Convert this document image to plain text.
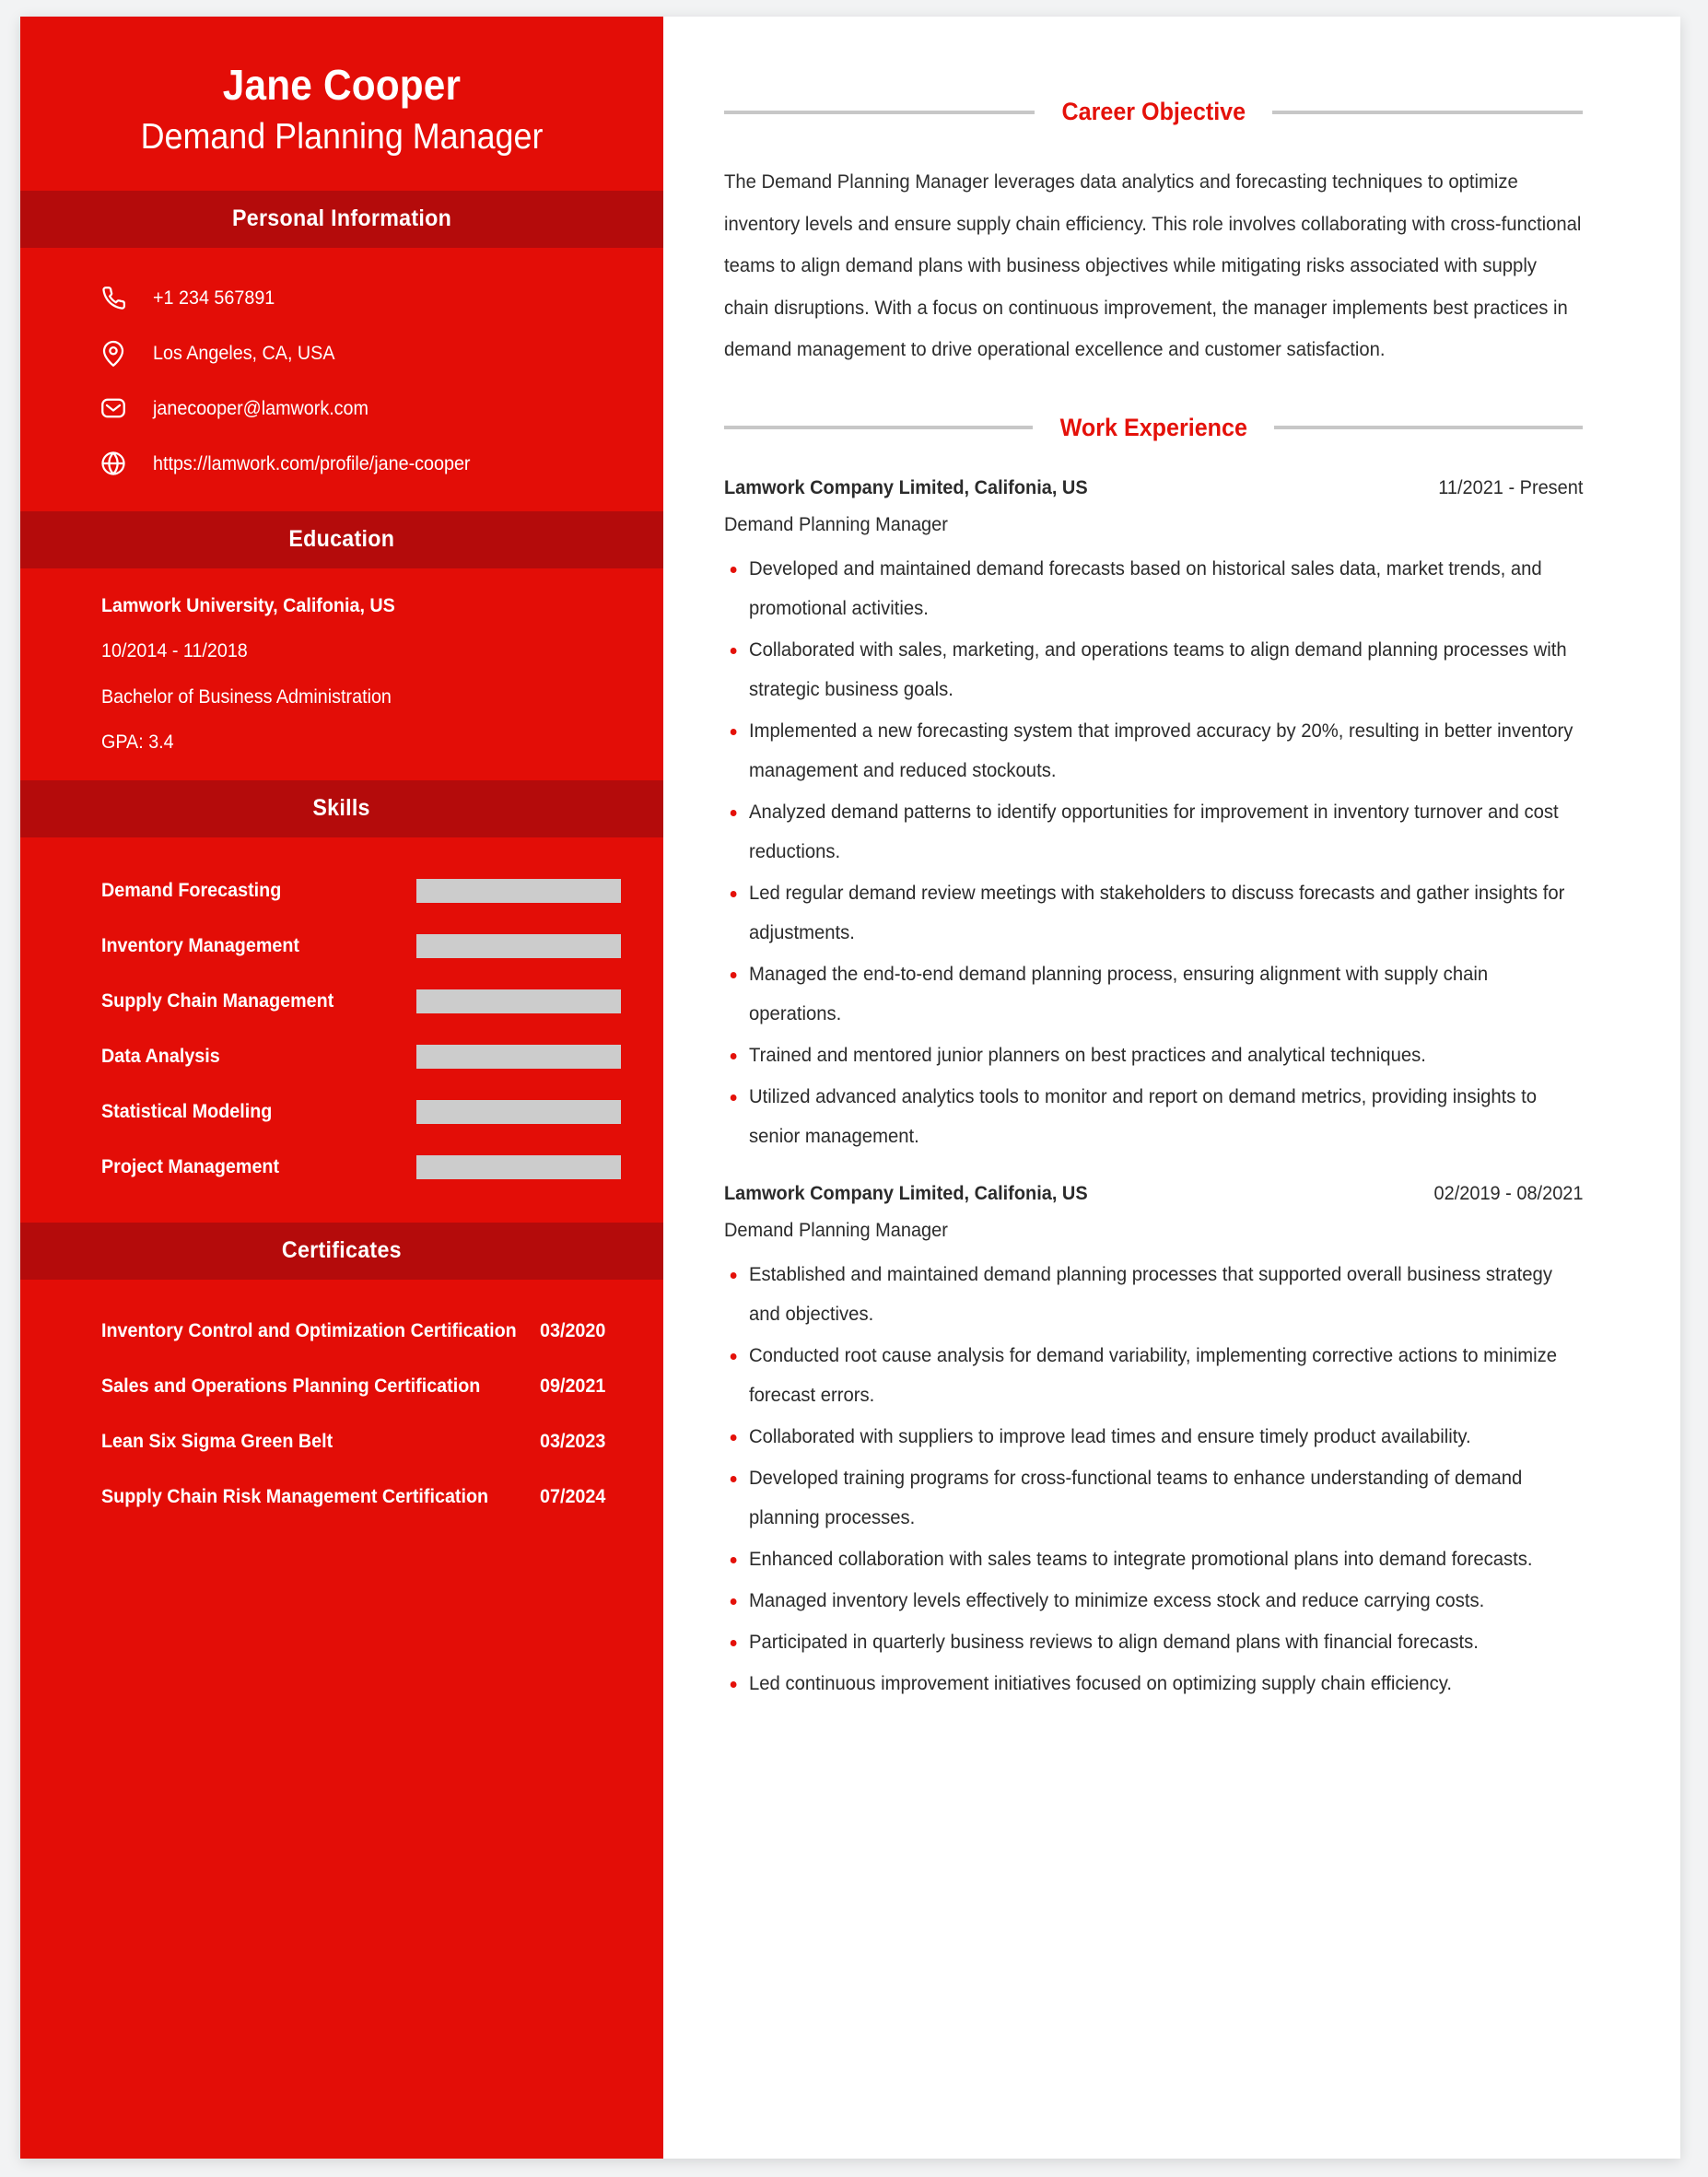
Jane Cooper
Demand Planning Manager
Personal Information
+1 234 567891
Los Angeles, CA, USA
janecooper@lamwork.com
https://lamwork.com/profile/jane-cooper
Education
Lamwork University, Califonia, US
10/2014 - 11/2018
Bachelor of Business Administration
GPA: 3.4
Skills
Demand Forecasting
Inventory Management
Supply Chain Management
Data Analysis
Statistical Modeling
Project Management
Certificates
Inventory Control and Optimization Certification 03/2020
Sales and Operations Planning Certification	09/2021
Lean Six Sigma Green Belt	03/2023
Supply Chain Risk Management Certification	07/2024
Career Objective

The Demand Planning Manager leverages data analytics and forecasting techniques to optimize inventory levels and ensure supply chain efficiency. This role involves collaborating with cross-functional teams to align demand plans with business objectives while mitigating risks associated with supply chain disruptions. With a focus on continuous improvement, the manager implements best practices in demand management to drive operational excellence and customer satisfaction.

Work Experience
Lamwork Company Limited, Califonia, US	11/2021 - Present
Demand Planning Manager
Developed and maintained demand forecasts based on historical sales data, market trends, and promotional activities.
Collaborated with sales, marketing, and operations teams to align demand planning processes with strategic business goals.
Implemented a new forecasting system that improved accuracy by 20%, resulting in better inventory management and reduced stockouts.
Analyzed demand patterns to identify opportunities for improvement in inventory turnover and cost reductions.
Led regular demand review meetings with stakeholders to discuss forecasts and gather insights for adjustments.
Managed the end-to-end demand planning process, ensuring alignment with supply chain operations.
Trained and mentored junior planners on best practices and analytical techniques.
Utilized advanced analytics tools to monitor and report on demand metrics, providing insights to senior management.
Lamwork Company Limited, Califonia, US	02/2019 - 08/2021
Demand Planning Manager
Established and maintained demand planning processes that supported overall business strategy and objectives.
Conducted root cause analysis for demand variability, implementing corrective actions to minimize forecast errors.
Collaborated with suppliers to improve lead times and ensure timely product availability.
Developed training programs for cross-functional teams to enhance understanding of demand planning processes.
Enhanced collaboration with sales teams to integrate promotional plans into demand forecasts.
Managed inventory levels effectively to minimize excess stock and reduce carrying costs.
Participated in quarterly business reviews to align demand plans with financial forecasts.
Led continuous improvement initiatives focused on optimizing supply chain efficiency.
